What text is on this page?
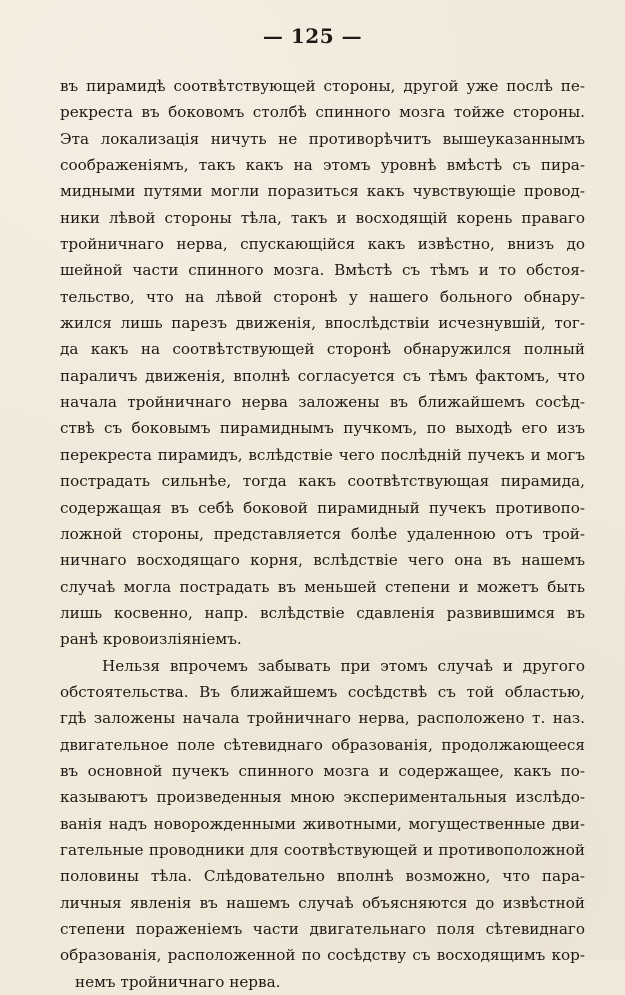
— 125 —

въ пирамидѣ соотвѣтствующей стороны, другой уже послѣ пе-
рекреста въ боковомъ столбѣ спинного мозга тойже стороны.
Эта локализація ничуть не противорѣчитъ вышеуказаннымъ
соображеніямъ, такъ какъ на этомъ уровнѣ вмѣстѣ съ пира-
мидными путями могли поразиться какъ чувствующіе провод-
ники лѣвой стороны тѣла, такъ и восходящій корень праваго
тройничнаго нерва, спускающійся какъ извѣстно, внизъ до
шейной части спинного мозга. Вмѣстѣ съ тѣмъ и то обстоя-
тельство, что на лѣвой сторонѣ у нашего больного обнару-
жился лишь парезъ движенія, впослѣдствіи исчезнувшій, тог-
да какъ на соотвѣтствующей сторонѣ обнаружился полный
параличъ движенія, вполнѣ согласуется съ тѣмъ фактомъ, что
начала тройничнаго нерва заложены въ ближайшемъ сосѣд-
ствѣ съ боковымъ пирамиднымъ пучкомъ, по выходѣ его изъ
перекреста пирамидъ, вслѣдствіе чего послѣдній пучекъ и могъ
пострадать сильнѣе, тогда какъ соотвѣтствующая пирамида,
содержащая въ себѣ боковой пирамидный пучекъ противопо-
ложной стороны, представляется болѣе удаленною отъ трой-
ничнаго восходящаго корня, вслѣдствіе чего она въ нашемъ
случаѣ могла пострадать въ меньшей степени и можетъ быть
лишь косвенно, напр. вслѣдствіе сдавленія развившимся въ
ранѣ кровоизліяніемъ.

Нельзя впрочемъ забывать при этомъ случаѣ и другого
обстоятельства. Въ ближайшемъ сосѣдствѣ съ той областью,
гдѣ заложены начала тройничнаго нерва, расположено т. наз.
двигательное поле сѣтевиднаго образованія, продолжающееся
въ основной пучекъ спинного мозга и содержащее, какъ по-
казываютъ произведенныя мною экспериментальныя изслѣдо-
ванія надъ новорожденными животными, могущественные дви-
гательные проводники для соотвѣствующей и противоположной
половины тѣла. Слѣдовательно вполнѣ возможно, что пара-
личныя явленія въ нашемъ случаѣ объясняются до извѣстной
степени пораженіемъ части двигательнаго поля сѣтевиднаго
образованія, расположенной по сосѣдству съ восходящимъ кор-
немъ тройничнаго нерва.
